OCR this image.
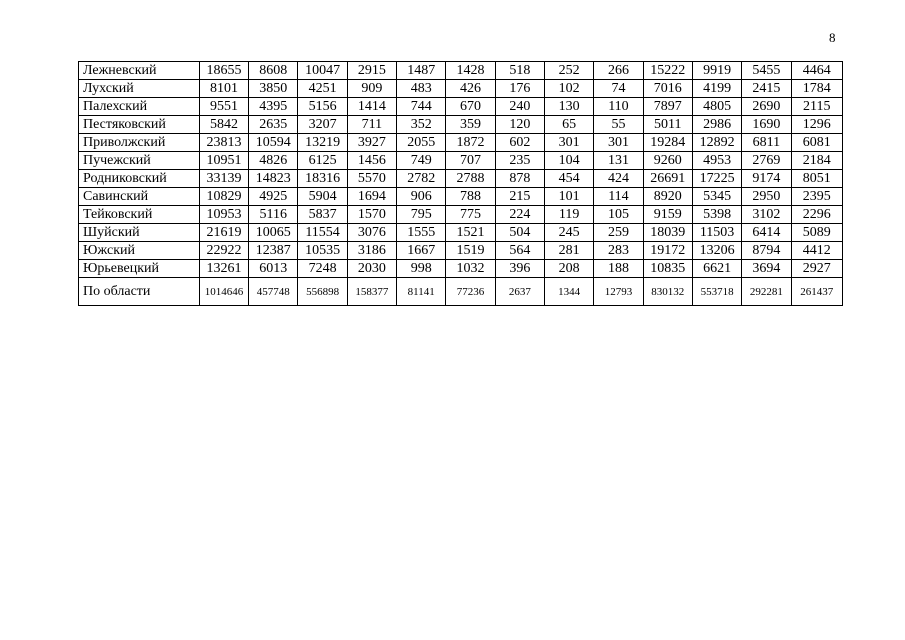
8
Лежневский	18655	8608	10047	2915	1487	1428	518	252	266	15222	9919	5455	4464
Лухский	8101	3850	4251	909	483	426	176	102	74	7016	4199	2415	1784
Палехский	9551	4395	5156	1414	744	670	240	130	110	7897	4805	2690	2115
Пестяковский	5842	2635	3207	711	352	359	120	65	55	5011	2986	1690	1296
Приволжский	23813	10594	13219	3927	2055	1872	602	301	301	19284	12892	6811	6081
Пучежский	10951	4826	6125	1456	749	707	235	104	131	9260	4953	2769	2184
Родниковский	33139	14823	18316	5570	2782	2788	878	454	424	26691	17225	9174	8051
Савинский	10829	4925	5904	1694	906	788	215	101	114	8920	5345	2950	2395
Тейковский	10953	5116	5837	1570	795	775	224	119	105	9159	5398	3102	2296
Шуйский	21619	10065	11554	3076	1555	1521	504	245	259	18039	11503	6414	5089
Южский	22922	12387	10535	3186	1667	1519	564	281	283	19172	13206	8794	4412
Юрьевецкий	13261	6013	7248	2030	998	1032	396	208	188	10835	6621	3694	2927
По области	1014646	457748	556898	158377	81141	77236	2637	1344	12793	830132	553718	292281	261437
